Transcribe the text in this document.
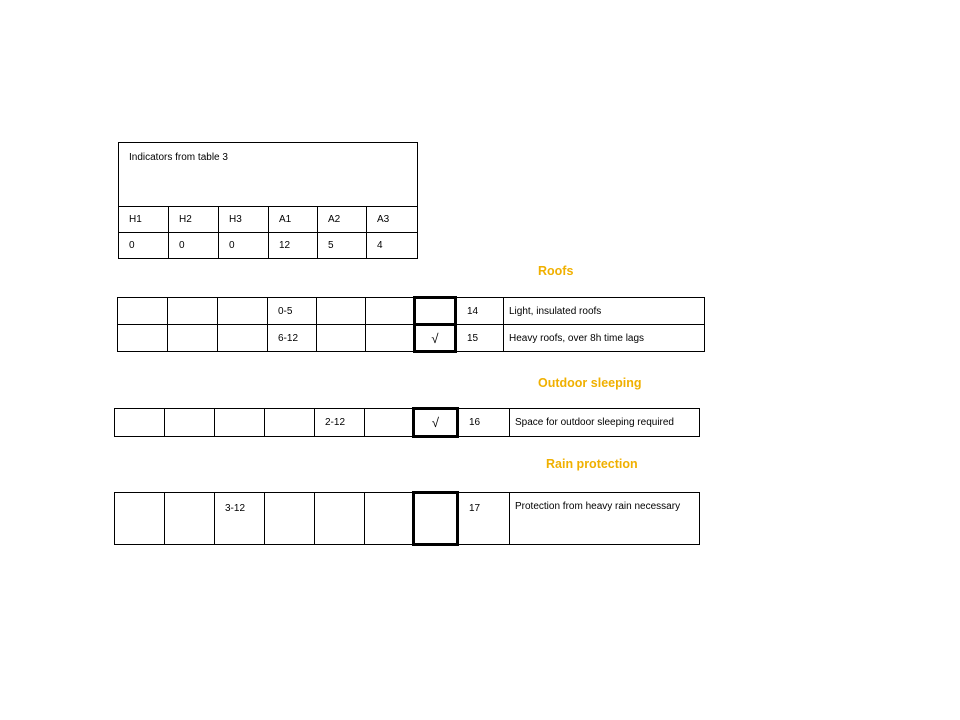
Indicators from table 3					
H1	H2	H3	A1	A2	A3
0	0	0	12	5	4
Roofs
			0-5				14	Light, insulated roofs
			6-12			√	15	Heavy roofs, over 8h time lags
Outdoor sleeping
				2-12		√	16	Space for outdoor sleeping required
Rain protection
		3-12					17	Protection from heavy rain necessary
